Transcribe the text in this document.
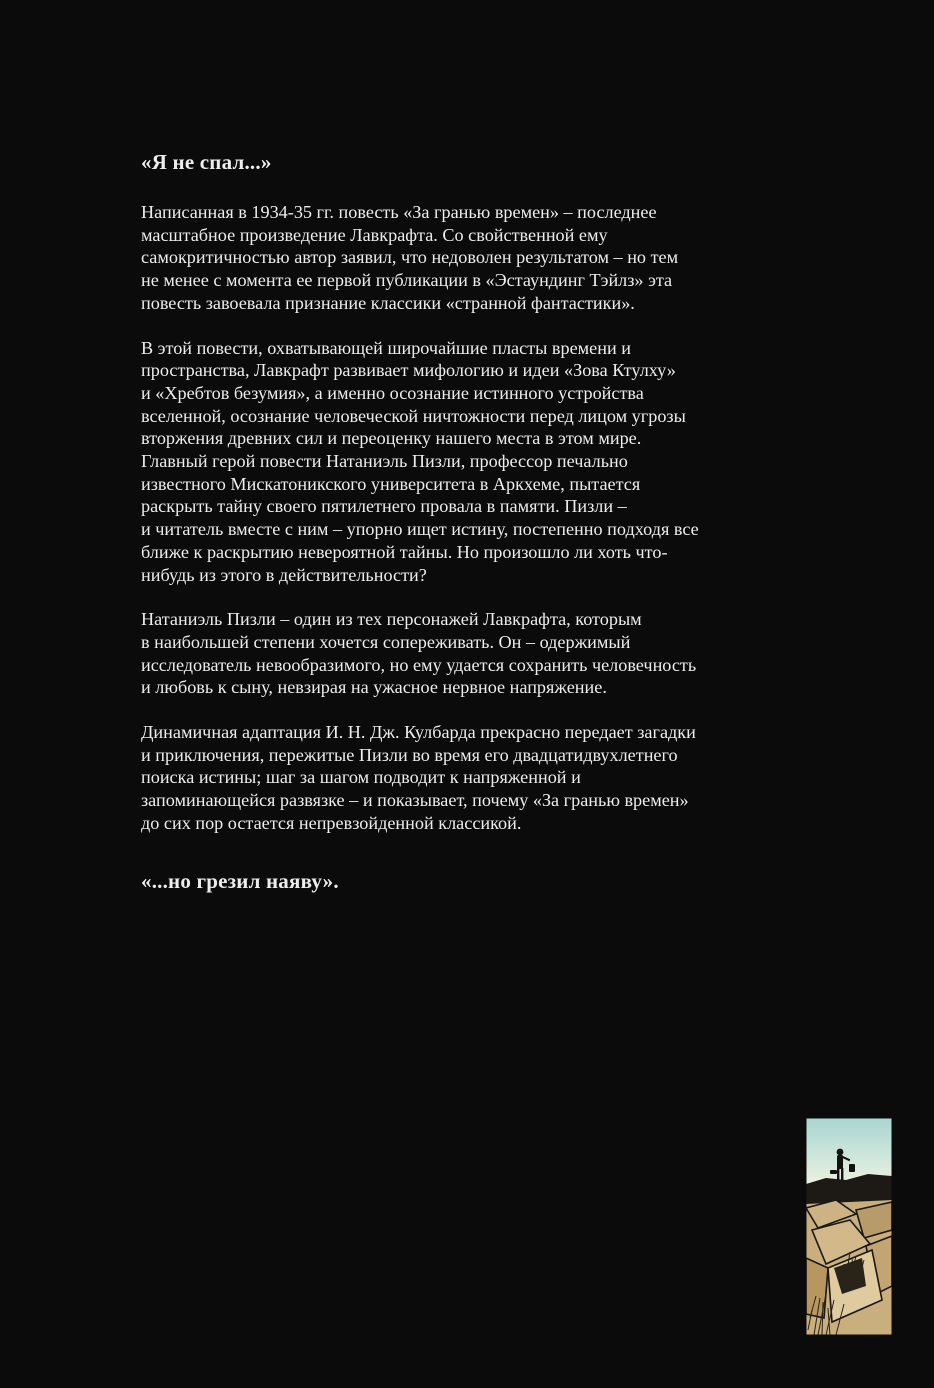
«Я не спал...»

Написанная в 1934-35 гг. повесть «За гранью времен» – последнее
масштабное произведение Лавкрафта. Со свойственной ему
самокритичностью автор заявил, что недоволен результатом – но тем
не менее с момента ее первой публикации в «Эстаундинг Тэйлз» эта
повесть завоевала признание классики «странной фантастики».

В этой повести, охватывающей широчайшие пласты времени и
пространства, Лавкрафт развивает мифологию и идеи «Зова Ктулху»
и «Хребтов безумия», а именно осознание истинного устройства
вселенной, осознание человеческой ничтожности перед лицом угрозы
вторжения древних сил и переоценку нашего места в этом мире.
Главный герой повести Натаниэль Пизли, профессор печально
известного Мискатоникского университета в Аркхеме, пытается
раскрыть тайну своего пятилетнего провала в памяти. Пизли –
и читатель вместе с ним – упорно ищет истину, постепенно подходя все
ближе к раскрытию невероятной тайны. Но произошло ли хоть что-
нибудь из этого в действительности?

Натаниэль Пизли – один из тех персонажей Лавкрафта, которым
в наибольшей степени хочется сопереживать. Он – одержимый
исследователь невообразимого, но ему удается сохранить человечность
и любовь к сыну, невзирая на ужасное нервное напряжение.

Динамичная адаптация И. Н. Дж. Кулбарда прекрасно передает загадки
и приключения, пережитые Пизли во время его двадцатидвухлетнего
поиска истины; шаг за шагом подводит к напряженной и
запоминающейся развязке – и показывает, почему «За гранью времен»
до сих пор остается непревзойденной классикой.

«...но грезил наяву».
